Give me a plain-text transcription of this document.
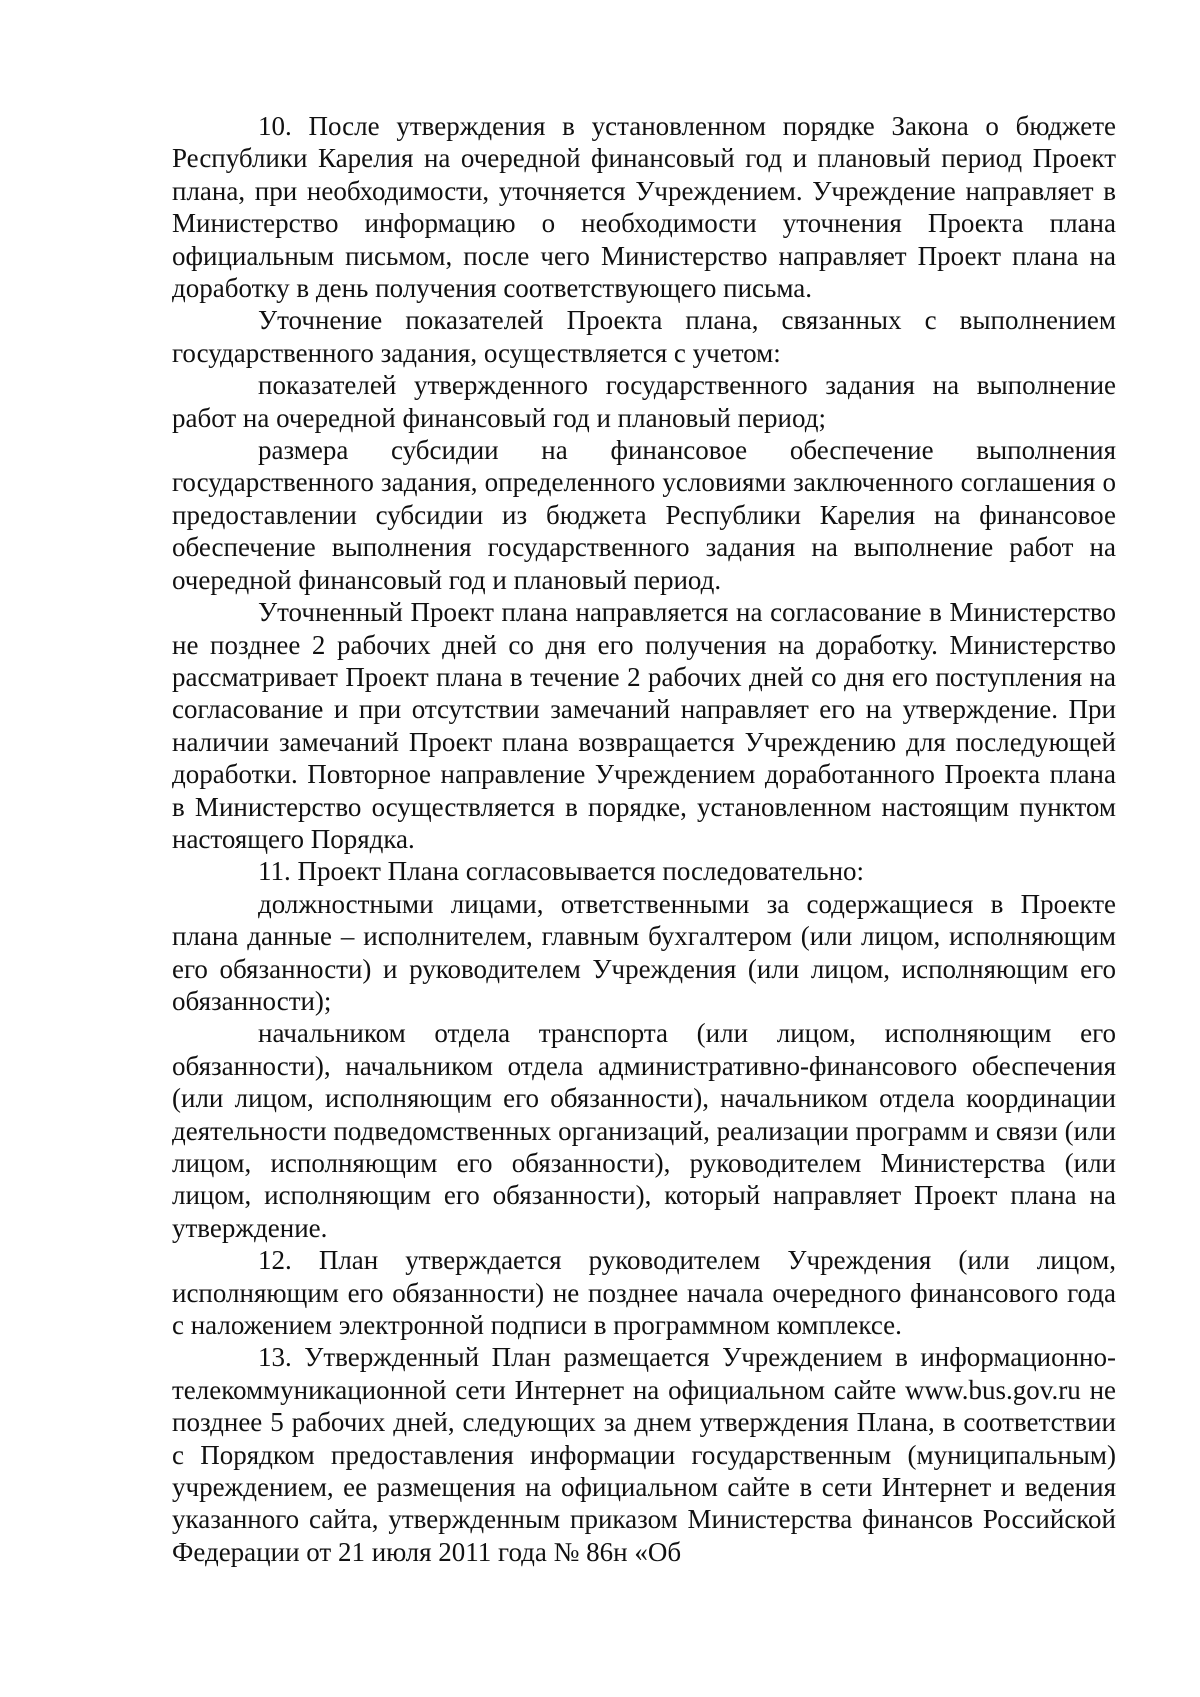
10. После утверждения в установленном порядке Закона о бюджете Республики Карелия на очередной финансовый год и плановый период Проект плана, при необходимости, уточняется Учреждением. Учреждение направляет в Министерство информацию о необходимости уточнения Проекта плана официальным письмом, после чего Министерство направляет Проект плана на доработку в день получения соответствующего письма.

Уточнение показателей Проекта плана, связанных с выполнением государственного задания, осуществляется с учетом:

показателей утвержденного государственного задания на выполнение работ на очередной финансовый год и плановый период;

размера субсидии на финансовое обеспечение выполнения государственного задания, определенного условиями заключенного соглашения о предоставлении субсидии из бюджета Республики Карелия на финансовое обеспечение выполнения государственного задания на выполнение работ на очередной финансовый год и плановый период.

Уточненный Проект плана направляется на согласование в Министерство не позднее 2 рабочих дней со дня его получения на доработку. Министерство рассматривает Проект плана в течение 2 рабочих дней со дня его поступления на согласование и при отсутствии замечаний направляет его на утверждение. При наличии замечаний Проект плана возвращается Учреждению для последующей доработки. Повторное направление Учреждением доработанного Проекта плана в Министерство осуществляется в порядке, установленном настоящим пунктом настоящего Порядка.

11. Проект Плана согласовывается последовательно:

должностными лицами, ответственными за содержащиеся в Проекте плана данные – исполнителем, главным бухгалтером (или лицом, исполняющим его обязанности) и руководителем Учреждения (или лицом, исполняющим его обязанности);

начальником отдела транспорта (или лицом, исполняющим его обязанности), начальником отдела административно-финансового обеспечения (или лицом, исполняющим его обязанности), начальником отдела координации деятельности подведомственных организаций, реализации программ и связи (или лицом, исполняющим его обязанности), руководителем Министерства (или лицом, исполняющим его обязанности), который направляет Проект плана на утверждение.

12. План утверждается руководителем Учреждения (или лицом, исполняющим его обязанности) не позднее начала очередного финансового года с наложением электронной подписи в программном комплексе.

13. Утвержденный План размещается Учреждением в информационно-телекоммуникационной сети Интернет на официальном сайте www.bus.gov.ru не позднее 5 рабочих дней, следующих за днем утверждения Плана, в соответствии с Порядком предоставления информации государственным (муниципальным) учреждением, ее размещения на официальном сайте в сети Интернет и ведения указанного сайта, утвержденным приказом Министерства финансов Российской Федерации от 21 июля 2011 года № 86н «Об
